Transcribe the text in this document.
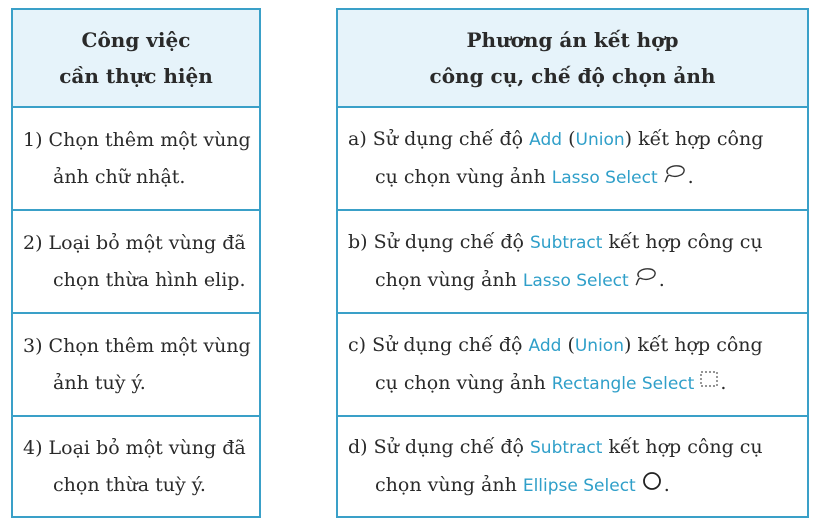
Công việc
cần thực hiện
1) Chọn thêm một vùng
ảnh chữ nhật.
2) Loại bỏ một vùng đã
chọn thừa hình elip.
3) Chọn thêm một vùng
ảnh tuỳ ý.
4) Loại bỏ một vùng đã
chọn thừa tuỳ ý.
Phương án kết hợp
công cụ, chế độ chọn ảnh
a) Sử dụng chế độ Add (Union) kết hợp công
cụ chọn vùng ảnh Lasso Select .
b) Sử dụng chế độ Subtract kết hợp công cụ
chọn vùng ảnh Lasso Select .
c) Sử dụng chế độ Add (Union) kết hợp công
cụ chọn vùng ảnh Rectangle Select .
d) Sử dụng chế độ Subtract kết hợp công cụ
chọn vùng ảnh Ellipse Select .
